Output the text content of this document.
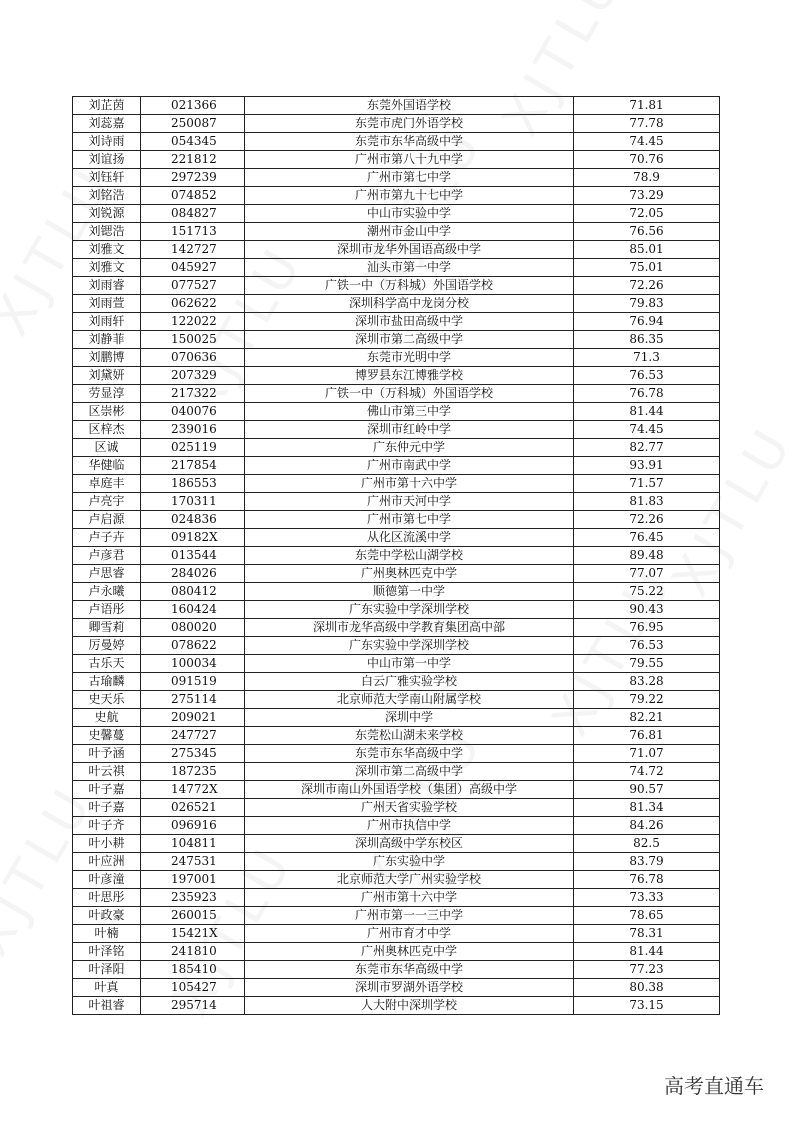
刘芷茵	021366	东莞外国语学校	71.81
刘蕊嘉	250087	东莞市虎门外语学校	77.78
刘诗雨	054345	东莞市东华高级中学	74.45
刘谊扬	221812	广州市第八十九中学	70.76
刘钰轩	297239	广州市第七中学	78.9
刘铭浩	074852	广州市第九十七中学	73.29
刘锐源	084827	中山市实验中学	72.05
刘锶浩	151713	潮州市金山中学	76.56
刘雅文	142727	深圳市龙华外国语高级中学	85.01
刘雅文	045927	汕头市第一中学	75.01
刘雨睿	077527	广铁一中（万科城）外国语学校	72.26
刘雨萱	062622	深圳科学高中龙岗分校	79.83
刘雨轩	122022	深圳市盐田高级中学	76.94
刘静菲	150025	深圳市第二高级中学	86.35
刘鹏博	070636	东莞市光明中学	71.3
刘黛妍	207329	博罗县东江博雅学校	76.53
劳显淳	217322	广铁一中（万科城）外国语学校	76.78
区崇彬	040076	佛山市第三中学	81.44
区梓杰	239016	深圳市红岭中学	74.45
区诚	025119	广东仲元中学	82.77
华健临	217854	广州市南武中学	93.91
卓庭丰	186553	广州市第十六中学	71.57
卢亮宇	170311	广州市天河中学	81.83
卢启源	024836	广州市第七中学	72.26
卢子卉	09182X	从化区流溪中学	76.45
卢彦君	013544	东莞中学松山湖学校	89.48
卢思睿	284026	广州奥林匹克中学	77.07
卢永曦	080412	顺德第一中学	75.22
卢语彤	160424	广东实验中学深圳学校	90.43
卿雪莉	080020	深圳市龙华高级中学教育集团高中部	76.95
厉曼婷	078622	广东实验中学深圳学校	76.53
古乐天	100034	中山市第一中学	79.55
古瑜麟	091519	白云广雅实验学校	83.28
史天乐	275114	北京师范大学南山附属学校	79.22
史航	209021	深圳中学	82.21
史馨蔓	247727	东莞松山湖未来学校	76.81
叶予涵	275345	东莞市东华高级中学	71.07
叶云祺	187235	深圳市第二高级中学	74.72
叶子嘉	14772X	深圳市南山外国语学校（集团）高级中学	90.57
叶子嘉	026521	广州天省实验学校	81.34
叶子齐	096916	广州市执信中学	84.26
叶小耕	104811	深圳高级中学东校区	82.5
叶应洲	247531	广东实验中学	83.79
叶彦潼	197001	北京师范大学广州实验学校	76.78
叶思彤	235923	广州市第十六中学	73.33
叶政豪	260015	广州市第一一三中学	78.65
叶楠	15421X	广州市育才中学	78.31
叶泽铭	241810	广州奥林匹克中学	81.44
叶泽阳	185410	东莞市东华高级中学	77.23
叶真	105427	深圳市罗湖外语学校	80.38
叶祖睿	295714	人大附中深圳学校	73.15
高考直通车
